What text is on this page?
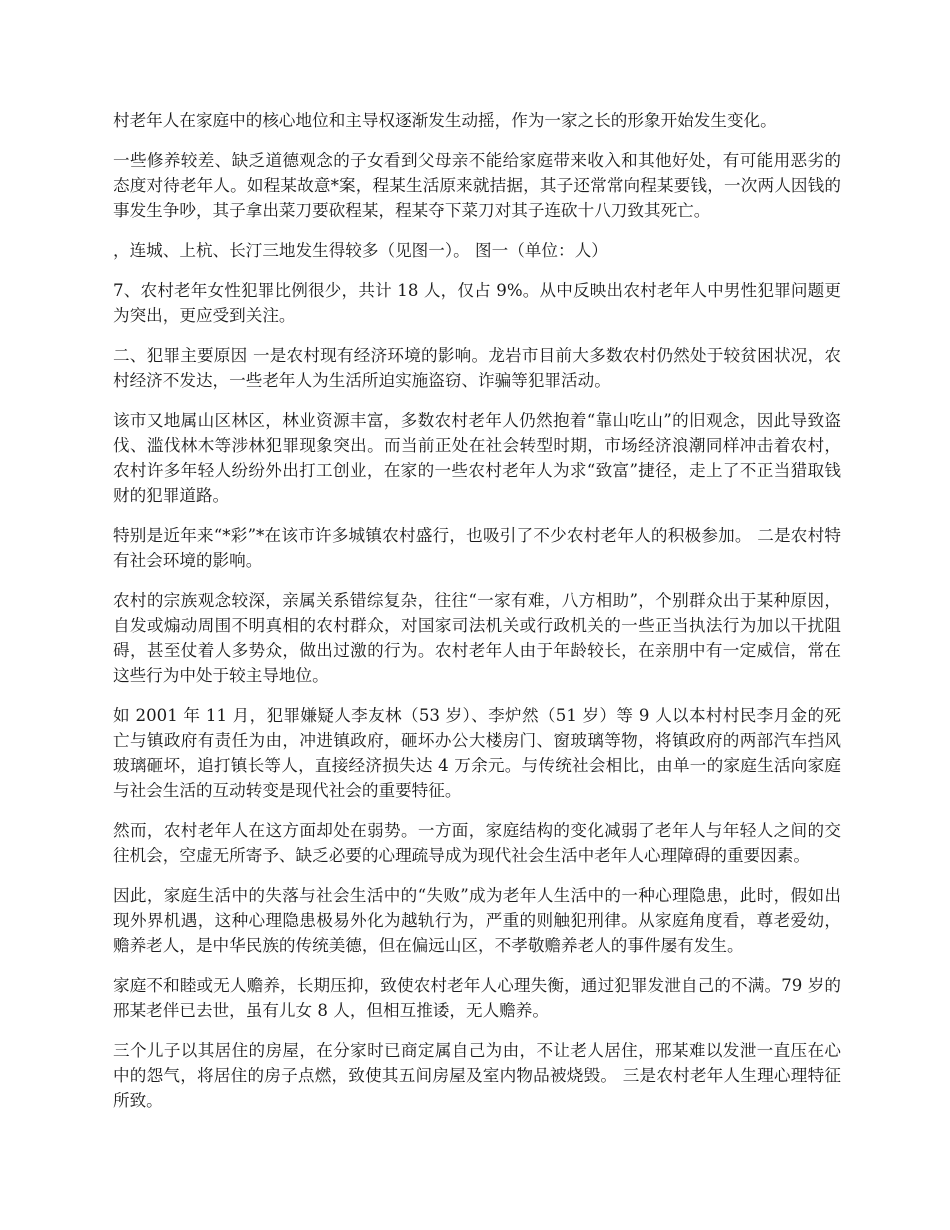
村老年人在家庭中的核心地位和主导权逐渐发生动摇，作为一家之长的形象开始发生变化。

一些修养较差、缺乏道德观念的子女看到父母亲不能给家庭带来收入和其他好处，有可能用恶劣的态度对待老年人。如程某故意*案，程某生活原来就拮据，其子还常常向程某要钱，一次两人因钱的事发生争吵，其子拿出菜刀要砍程某，程某夺下菜刀对其子连砍十八刀致其死亡。

，连城、上杭、长汀三地发生得较多（见图一）。 图一（单位：人）

7、农村老年女性犯罪比例很少，共计 18 人，仅占 9%。从中反映出农村老年人中男性犯罪问题更为突出，更应受到关注。

二、犯罪主要原因 一是农村现有经济环境的影响。龙岩市目前大多数农村仍然处于较贫困状况，农村经济不发达，一些老年人为生活所迫实施盗窃、诈骗等犯罪活动。

该市又地属山区林区，林业资源丰富，多数农村老年人仍然抱着“靠山吃山”的旧观念，因此导致盗伐、滥伐林木等涉林犯罪现象突出。而当前正处在社会转型时期，市场经济浪潮同样冲击着农村，农村许多年轻人纷纷外出打工创业，在家的一些农村老年人为求“致富”捷径，走上了不正当猎取钱财的犯罪道路。

特别是近年来“*彩”*在该市许多城镇农村盛行，也吸引了不少农村老年人的积极参加。 二是农村特有社会环境的影响。

农村的宗族观念较深，亲属关系错综复杂，往往“一家有难，八方相助”，个别群众出于某种原因，自发或煽动周围不明真相的农村群众，对国家司法机关或行政机关的一些正当执法行为加以干扰阻碍，甚至仗着人多势众，做出过激的行为。农村老年人由于年龄较长，在亲朋中有一定威信，常在这些行为中处于较主导地位。

如 2001 年 11 月，犯罪嫌疑人李友林（53 岁）、李炉然（51 岁）等 9 人以本村村民李月金的死亡与镇政府有责任为由，冲进镇政府，砸坏办公大楼房门、窗玻璃等物，将镇政府的两部汽车挡风玻璃砸坏，追打镇长等人，直接经济损失达 4 万余元。与传统社会相比，由单一的家庭生活向家庭与社会生活的互动转变是现代社会的重要特征。

然而，农村老年人在这方面却处在弱势。一方面，家庭结构的变化减弱了老年人与年轻人之间的交往机会，空虚无所寄予、缺乏必要的心理疏导成为现代社会生活中老年人心理障碍的重要因素。

因此，家庭生活中的失落与社会生活中的“失败”成为老年人生活中的一种心理隐患，此时，假如出现外界机遇，这种心理隐患极易外化为越轨行为，严重的则触犯刑律。从家庭角度看，尊老爱幼，赡养老人，是中华民族的传统美德，但在偏远山区，不孝敬赡养老人的事件屡有发生。

家庭不和睦或无人赡养，长期压抑，致使农村老年人心理失衡，通过犯罪发泄自己的不满。79 岁的邢某老伴已去世，虽有儿女 8 人，但相互推诿，无人赡养。

三个儿子以其居住的房屋，在分家时已商定属自己为由，不让老人居住，邢某难以发泄一直压在心中的怨气，将居住的房子点燃，致使其五间房屋及室内物品被烧毁。 三是农村老年人生理心理特征所致。
